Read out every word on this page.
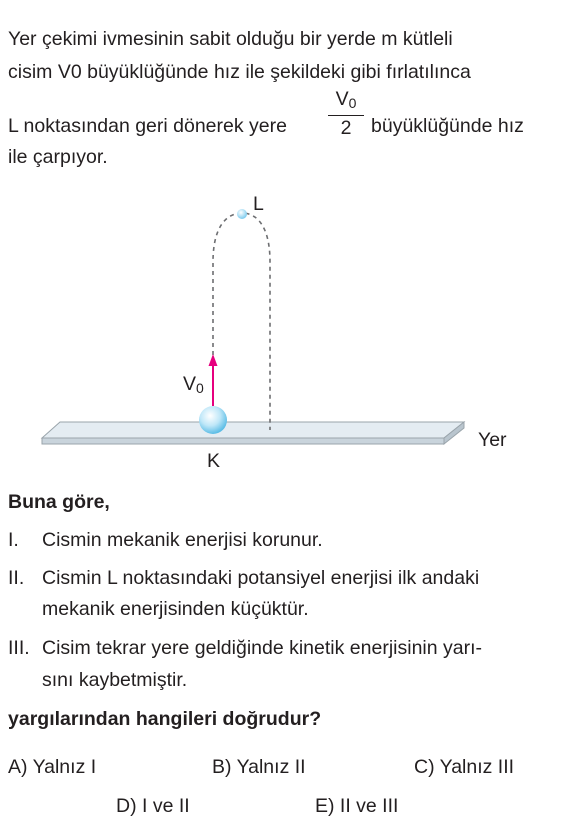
Yer çekimi ivmesinin sabit olduğu bir yerde m kütleli
cisim V0 büyüklüğünde hız ile şekildeki gibi fırlatılınca
L noktasından geri dönerek yere
$V_0$
2	büyüklüğünde hız
ile çarpıyor.
L
$V_0$
K
Yer
Buna göre,
I. Cismin mekanik enerjisi korunur.
II. Cismin L noktasındaki potansiyel enerjisi ilk andaki
mekanik enerjisinden küçüktür.
III. Cisim tekrar yere geldiğinde kinetik enerjisinin yarı-
sını kaybetmiştir.
yargılarından hangileri doğrudur?
A) Yalnız I	B) Yalnız II	C) Yalnız III
D) I ve II	E) II ve III
